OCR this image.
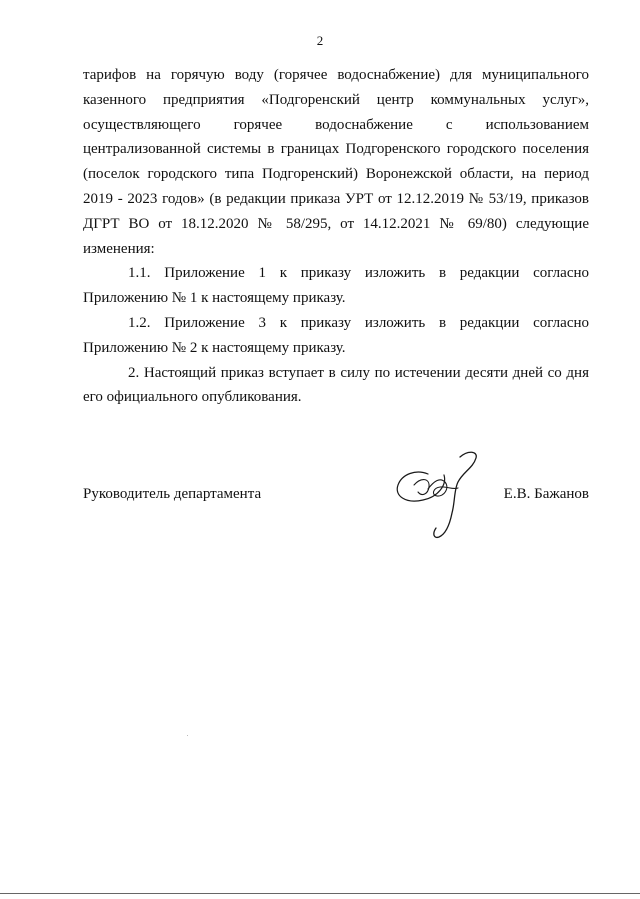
2

тарифов на горячую воду (горячее водоснабжение) для муниципального казенного предприятия «Подгоренский центр коммунальных услуг», осуществляющего горячее водоснабжение с использованием централизованной системы в границах Подгоренского городского поселения (поселок городского типа Подгоренский) Воронежской области, на период 2019 - 2023 годов» (в редакции приказа УРТ от 12.12.2019 № 53/19, приказов ДГРТ ВО от 18.12.2020 № 58/295, от 14.12.2021 № 69/80) следующие изменения:

1.1. Приложение 1 к приказу изложить в редакции согласно Приложению № 1 к настоящему приказу.

1.2. Приложение 3 к приказу изложить в редакции согласно Приложению № 2 к настоящему приказу.

2. Настоящий приказ вступает в силу по истечении десяти дней со дня его официального опубликования.

Руководитель департамента	Е.В. Бажанов
